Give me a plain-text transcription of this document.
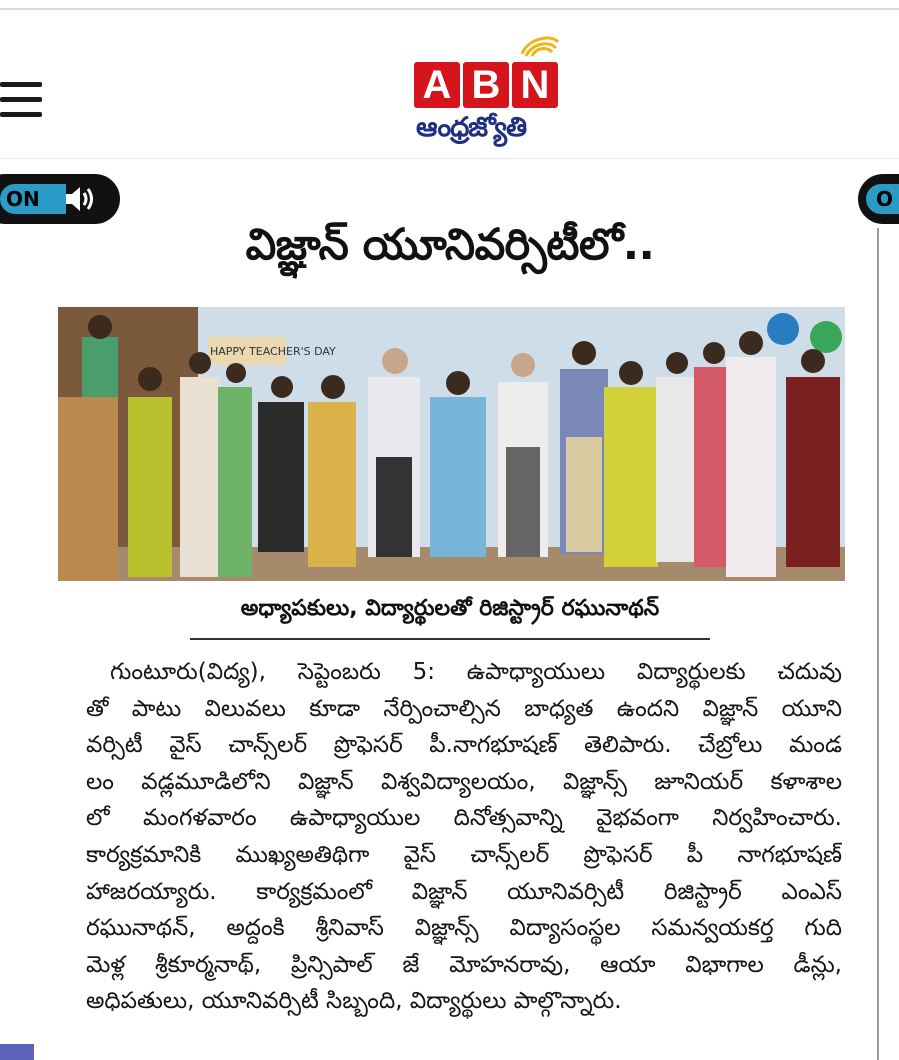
A B N
ఆంధ్రజ్యోతి
ON	O
విజ్ఞాన్ యూనివర్సిటీలో..
HAPPY TEACHER'S DAY
అధ్యాపకులు, విద్యార్థులతో రిజిస్ట్రార్ రఘునాథన్
గుంటూరు(విద్య), సెప్టెంబరు 5: ఉపాధ్యాయులు విద్యార్థులకు చదువు
తో పాటు విలువలు కూడా నేర్పించాల్సిన బాధ్యత ఉందని విజ్ఞాన్ యూని
వర్సిటీ వైస్ చాన్స్‌లర్ ప్రొఫెసర్ పీ.నాగభూషణ్ తెలిపారు. చేబ్రోలు మండ
లం వడ్లమూడిలోని విజ్ఞాన్ విశ్వవిద్యాలయం, విజ్ఞాన్స్ జూనియర్ కళాశాల
లో మంగళవారం ఉపాధ్యాయుల దినోత్సవాన్ని వైభవంగా నిర్వహించారు.
కార్యక్రమానికి ముఖ్యఅతిథిగా వైస్ చాన్స్‌లర్ ప్రొఫెసర్ పీ నాగభూషణ్
హాజరయ్యారు. కార్యక్రమంలో విజ్ఞాన్ యూనివర్సిటీ రిజిస్ట్రార్ ఎంఎస్
రఘునాథన్, అద్దంకి శ్రీనివాస్ విజ్ఞాన్స్ విద్యాసంస్థల సమన్వయకర్త గుది
మెళ్ల శ్రీకూర్మనాథ్, ప్రిన్సిపాల్ జే మోహనరావు, ఆయా విభాగాల డీన్లు,
అధిపతులు, యూనివర్సిటీ సిబ్బంది, విద్యార్థులు పాల్గొన్నారు.
